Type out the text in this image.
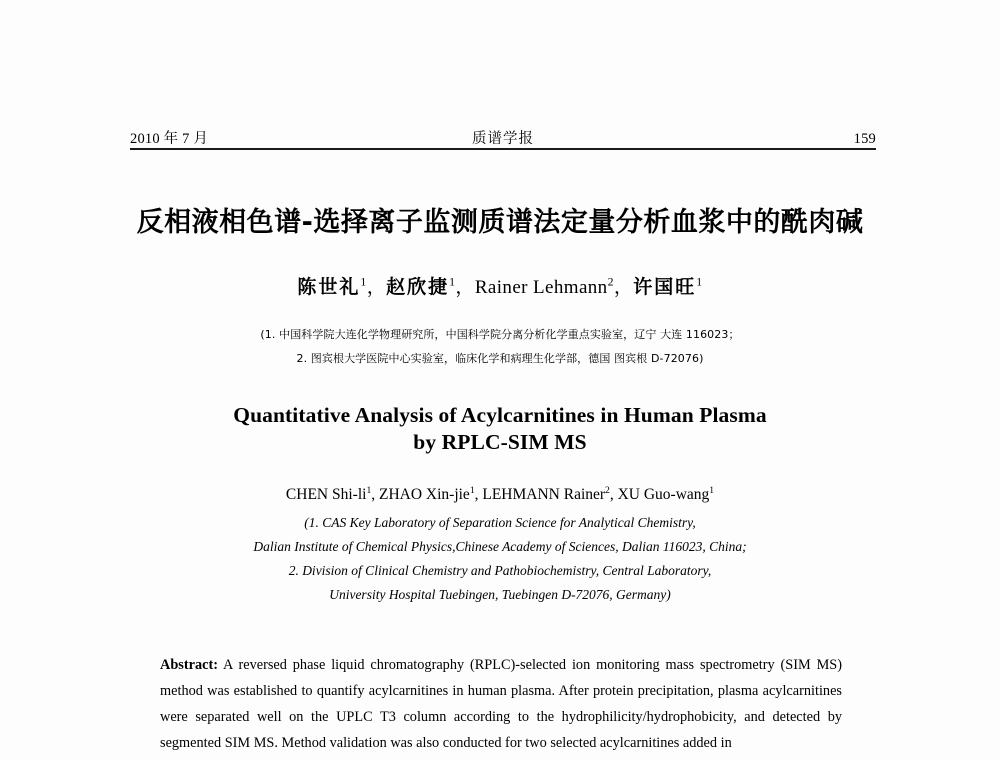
2010 年 7 月	质谱学报	159
反相液相色谱-选择离子监测质谱法定量分析血浆中的酰肉碱
陈世礼$^1$，赵欣捷$^1$，Rainer Lehmann$^2$，许国旺$^1$
(1. 中国科学院大连化学物理研究所，中国科学院分离分析化学重点实验室，辽宁 大连 116023；
2. 图宾根大学医院中心实验室，临床化学和病理生化学部，德国 图宾根 D-72076)
Quantitative Analysis of Acylcarnitines in Human Plasma
by RPLC-SIM MS
CHEN Shi-$li^1$, ZHAO Xin-jie$^1$, LEHMANN Rainer$^2$, XU Guo-wang$^1$
(1. CAS Key Laboratory of Separation Science for Analytical Chemistry,
Dalian Institute of Chemical Physics,Chinese Academy of Sciences, Dalian 116023, China;
2. Division of Clinical Chemistry and Pathobiochemistry, Central Laboratory,
University Hospital Tuebingen, Tuebingen D-72076, Germany)
Abstract: A reversed phase liquid chromatography (RPLC)-selected ion monitoring mass spectrometry (SIM MS) method was established to quantify acylcarnitines in human plasma. After protein precipitation, plasma acylcarnitines were separated well on the UPLC T3 column according to the hydrophilicity/hydrophobicity, and detected by segmented SIM MS. Method validation was also conducted for two selected acylcarnitines added in
